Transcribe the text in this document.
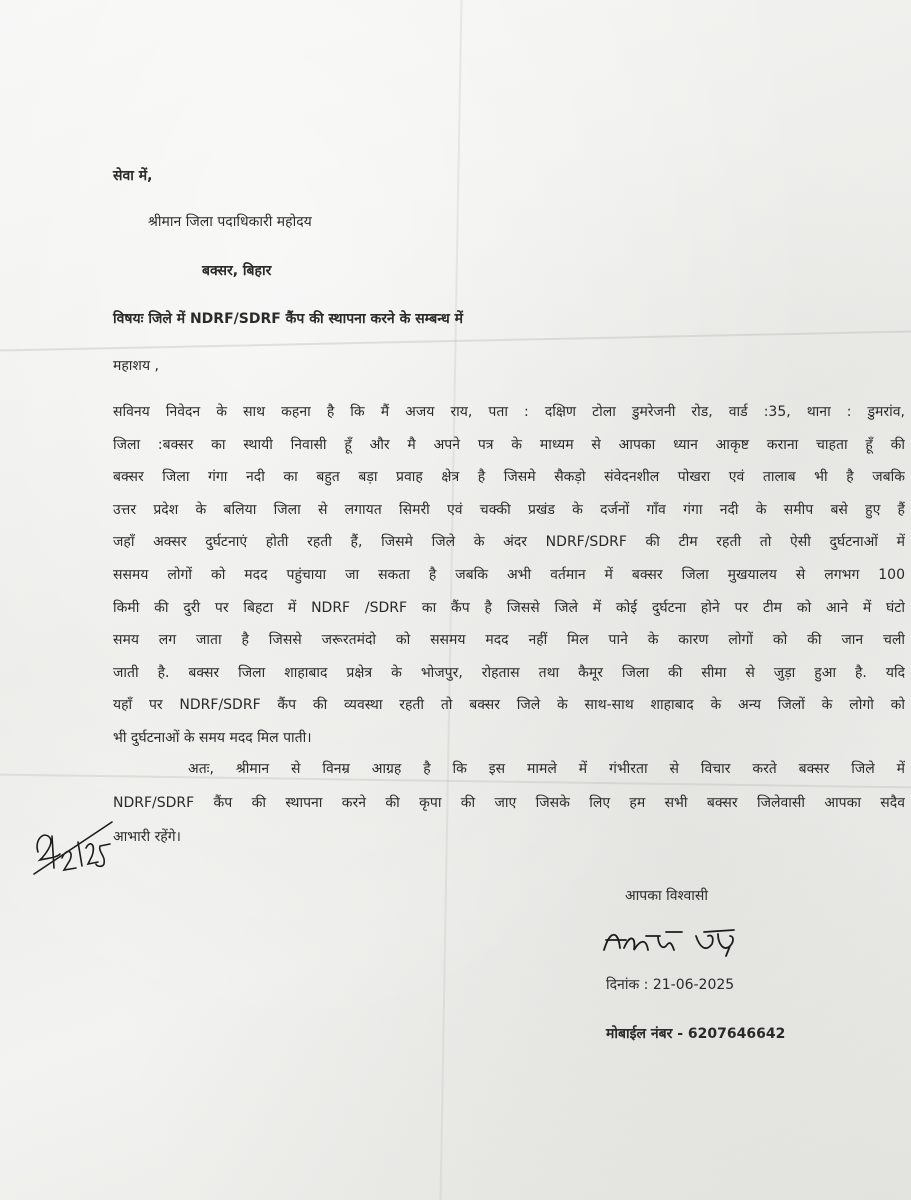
सेवा में,
श्रीमान जिला पदाधिकारी महोदय
बक्सर, बिहार
विषयः जिले में NDRF/SDRF कैंप की स्थापना करने के सम्बन्ध में
महाशय ,
सविनय निवेदन के साथ कहना है कि मैं अजय राय, पता : दक्षिण टोला डुमरेजनी रोड, वार्ड :35, थाना : डुमरांव,
जिला :बक्सर का स्थायी निवासी हूँ और मै अपने पत्र के माध्यम से आपका ध्यान आकृष्ट कराना चाहता हूँ की
बक्सर जिला गंगा नदी का बहुत बड़ा प्रवाह क्षेत्र है जिसमे सैकड़ो संवेदनशील पोखरा एवं तालाब भी है जबकि
उत्तर प्रदेश के बलिया जिला से लगायत सिमरी एवं चक्की प्रखंड के दर्जनों गाँव गंगा नदी के समीप बसे हुए हैं
जहाँ अक्सर दुर्घटनाएं होती रहती हैं, जिसमे जिले के अंदर NDRF/SDRF की टीम रहती तो ऐसी दुर्घटनाओं में
ससमय लोगों को मदद पहुंचाया जा सकता है जबकि अभी वर्तमान में बक्सर जिला मुखयालय से लगभग 100
किमी की दुरी पर बिहटा में NDRF /SDRF का कैंप है जिससे जिले में कोई दुर्घटना होने पर टीम को आने में घंटो
समय लग जाता है जिससे जरूरतमंदो को ससमय मदद नहीं मिल पाने के कारण लोगों को की जान चली
जाती है. बक्सर जिला शाहाबाद प्रक्षेत्र के भोजपुर, रोहतास तथा कैमूर जिला की सीमा से जुड़ा हुआ है. यदि
यहाँ पर NDRF/SDRF कैंप की व्यवस्था रहती तो बक्सर जिले के साथ-साथ शाहाबाद के अन्य जिलों के लोगो को
भी दुर्घटनाओं के समय मदद मिल पाती।
अतः, श्रीमान से विनम्र आग्रह है कि इस मामले में गंभीरता से विचार करते बक्सर जिले में
NDRF/SDRF कैंप की स्थापना करने की कृपा की जाए जिसके लिए हम सभी बक्सर जिलेवासी आपका सदैव
आभारी रहेंगे।
आपका विश्वासी
दिनांक : 21-06-2025
मोबाईल नंबर - 6207646642
